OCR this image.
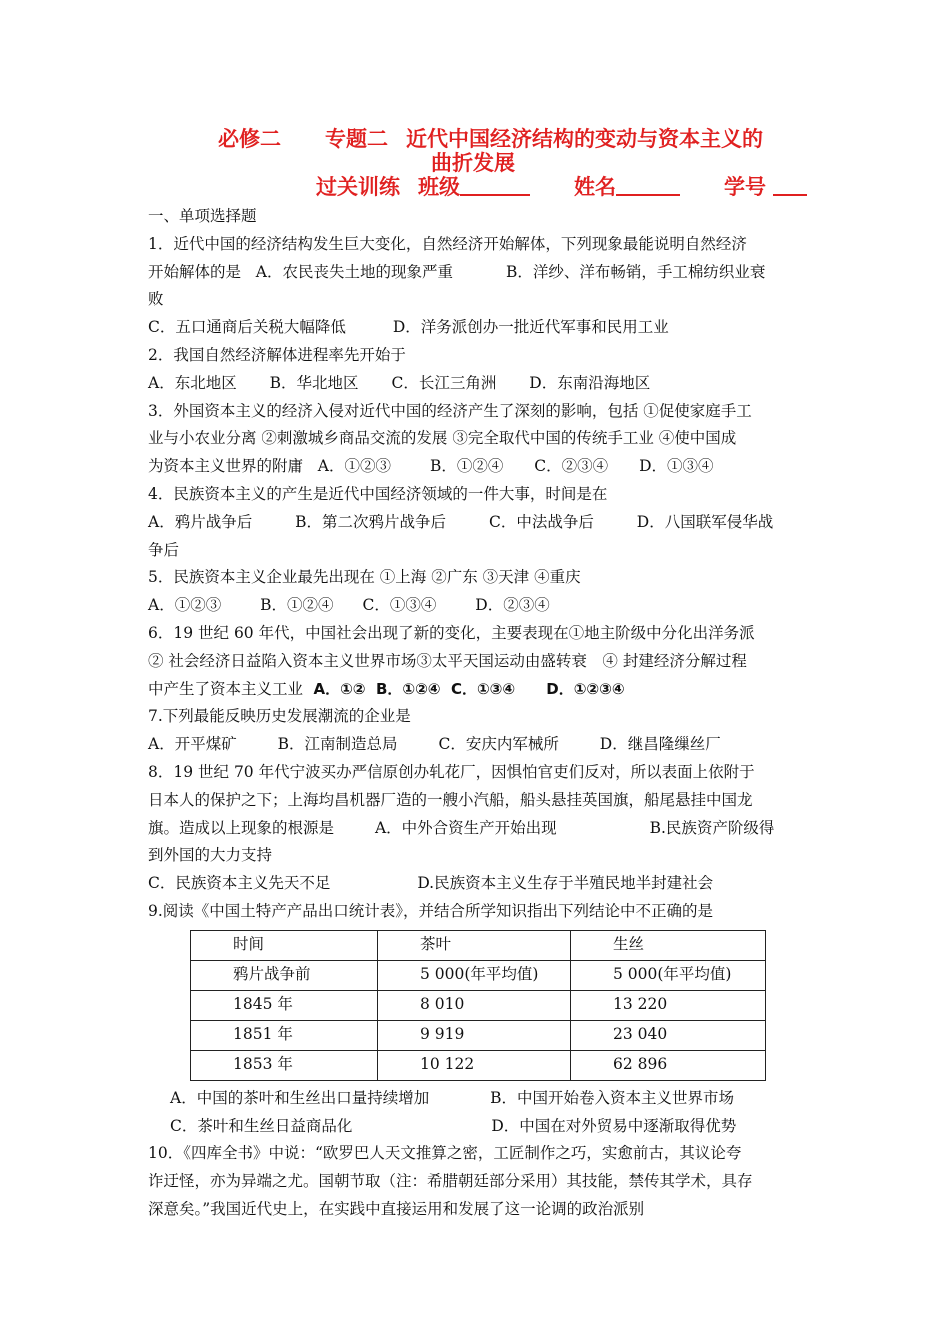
必修二 专题二 近代中国经济结构的变动与资本主义的
曲折发展
过关训练 班级	姓名	学号
一、单项选择题
1．近代中国的经济结构发生巨大变化，自然经济开始解体，下列现象最能说明自然经济
开始解体的是 A．农民丧失土地的现象严重	B．洋纱、洋布畅销，手工棉纺织业衰
败
C．五口通商后关税大幅降低	D．洋务派创办一批近代军事和民用工业
2．我国自然经济解体进程率先开始于
A．东北地区 B．华北地区 C．长江三角洲 D．东南沿海地区
3．外国资本主义的经济入侵对近代中国的经济产生了深刻的影响，包括 ①促使家庭手工
业与小农业分离 ②刺激城乡商品交流的发展 ③完全取代中国的传统手工业 ④使中国成
为资本主义世界的附庸 A．①②③	B．①②④ C．②③④ D．①③④
4．民族资本主义的产生是近代中国经济领域的一件大事，时间是在
A．鸦片战争后	B．第二次鸦片战争后	C．中法战争后	D．八国联军侵华战
争后
5．民族资本主义企业最先出现在 ①上海 ②广东 ③天津 ④重庆
A．①②③	B．①②④ C．①③④	D．②③④
6．19 世纪 60 年代，中国社会出现了新的变化，主要表现在①地主阶级中分化出洋务派
② 社会经济日益陷入资本主义世界市场③太平天国运动由盛转衰　④ 封建经济分解过程
中产生了资本主义工业 A．①② B．①②④ C．①③④ D．①②③④
7.下列最能反映历史发展潮流的企业是
A．开平煤矿	B．江南制造总局	C．安庆内军械所	D．继昌隆缫丝厂
8．19 世纪 70 年代宁波买办严信原创办轧花厂，因惧怕官吏们反对，所以表面上依附于
日本人的保护之下；上海均昌机器厂造的一艘小汽船，船头悬挂英国旗，船尾悬挂中国龙
旗。造成以上现象的根源是	A．中外合资生产开始出现	B.民族资产阶级得
到外国的大力支持
C．民族资本主义先天不足	D.民族资本主义生存于半殖民地半封建社会
9.阅读《中国土特产产品出口统计表》，并结合所学知识指出下列结论中不正确的是
时间	茶叶	生丝
鸦片战争前	5 000(年平均值)	5 000(年平均值)
1845 年	8 010	13 220
1851 年	9 919	23 040
1853 年	10 122	62 896
A．中国的茶叶和生丝出口量持续增加	B．中国开始卷入资本主义世界市场
C．茶叶和生丝日益商品化	D．中国在对外贸易中逐渐取得优势
10．《四库全书》中说：“欧罗巴人天文推算之密，工匠制作之巧，实愈前古，其议论夸
诈迂怪，亦为异端之尤。国朝节取（注：希腊朝廷部分采用）其技能，禁传其学术，具存
深意矣。”我国近代史上，在实践中直接运用和发展了这一论调的政治派别
